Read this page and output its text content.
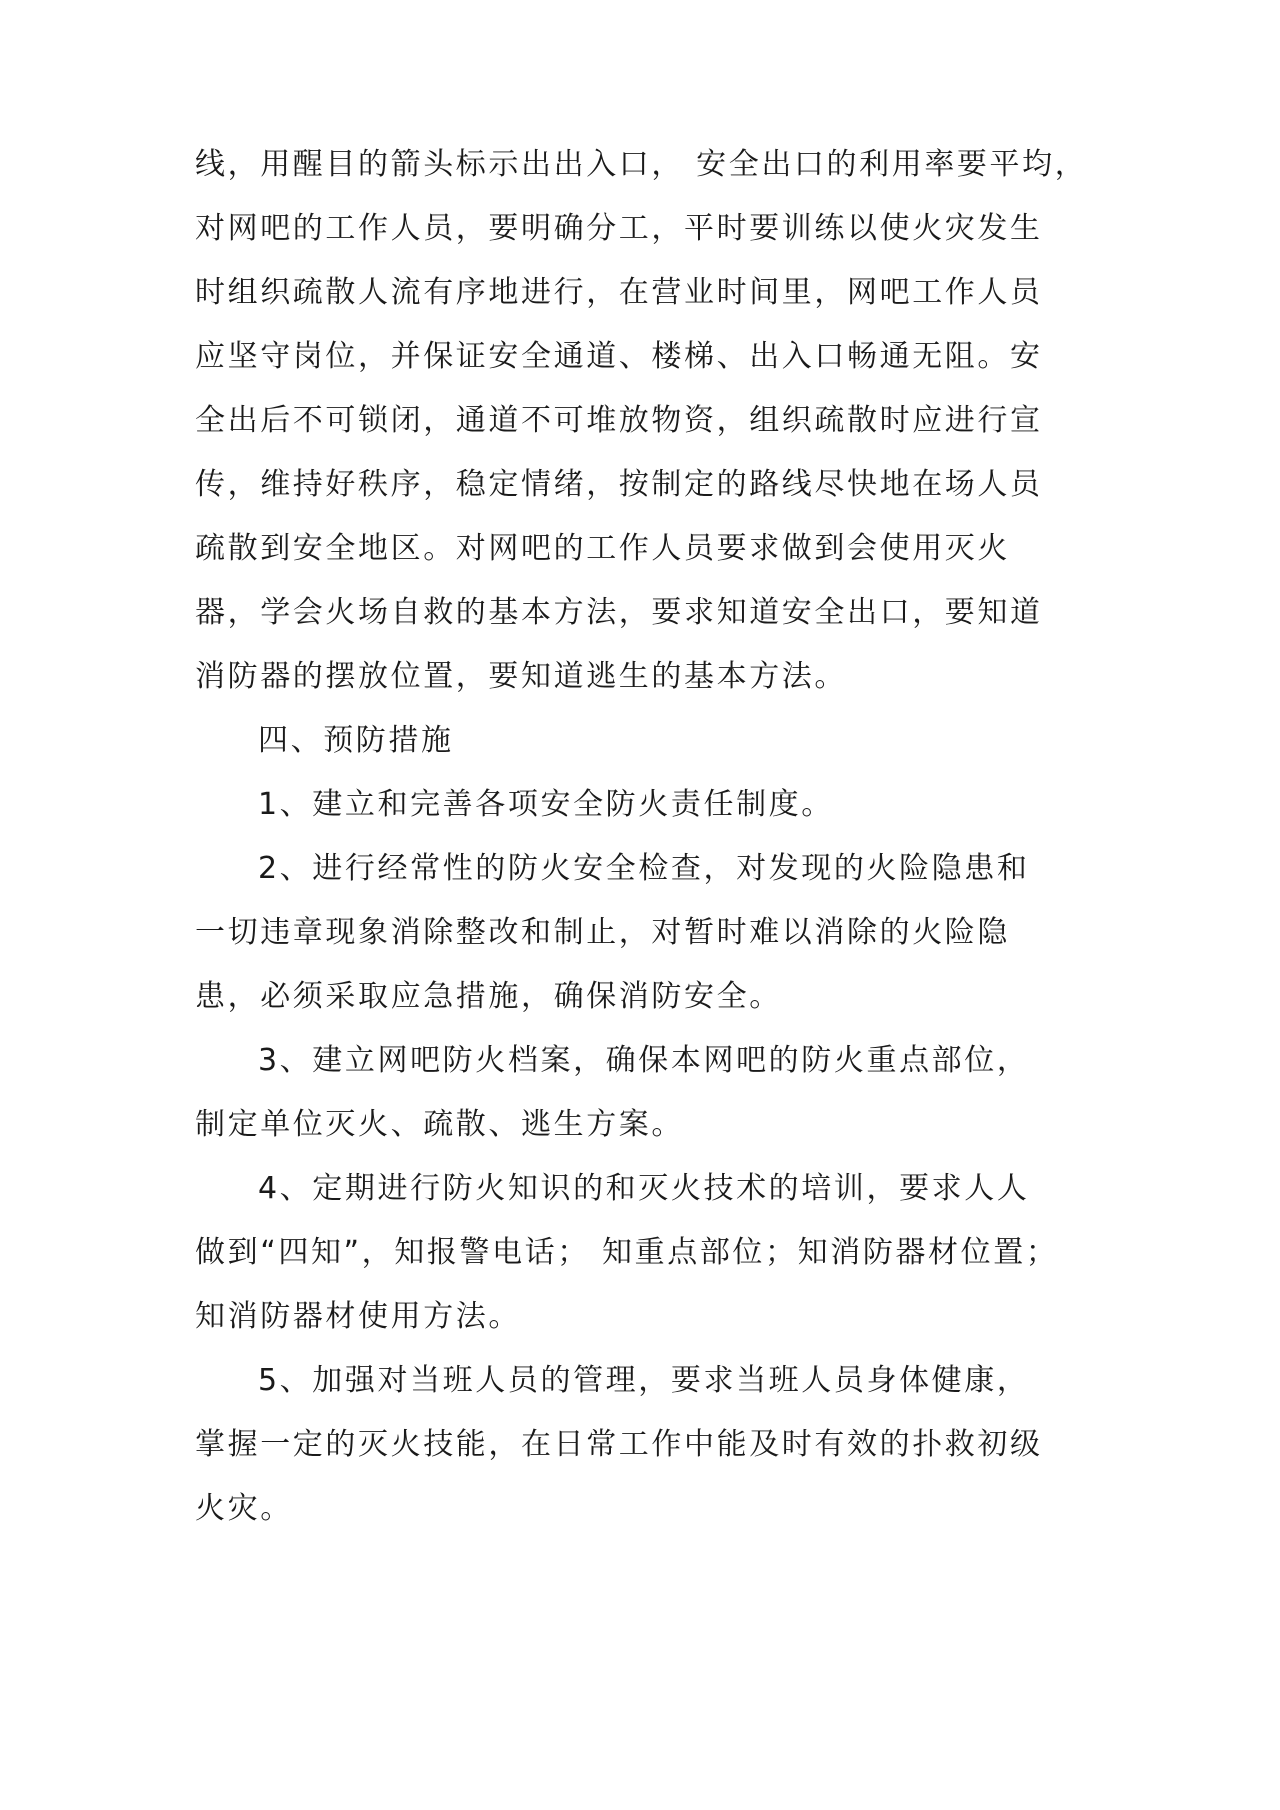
线，用醒目的箭头标示出出入口， 安全出口的利用率要平均，
对网吧的工作人员，要明确分工，平时要训练以使火灾发生
时组织疏散人流有序地进行，在营业时间里，网吧工作人员
应坚守岗位，并保证安全通道、楼梯、出入口畅通无阻。安
全出后不可锁闭，通道不可堆放物资，组织疏散时应进行宣
传，维持好秩序，稳定情绪，按制定的路线尽快地在场人员
疏散到安全地区。对网吧的工作人员要求做到会使用灭火
器，学会火场自救的基本方法，要求知道安全出口，要知道
消防器的摆放位置，要知道逃生的基本方法。
四、预防措施
1、建立和完善各项安全防火责任制度。
2、进行经常性的防火安全检查，对发现的火险隐患和
一切违章现象消除整改和制止，对暂时难以消除的火险隐
患，必须采取应急措施，确保消防安全。
3、建立网吧防火档案，确保本网吧的防火重点部位，
制定单位灭火、疏散、逃生方案。
4、定期进行防火知识的和灭火技术的培训，要求人人
做到“四知”，知报警电话； 知重点部位；知消防器材位置；
知消防器材使用方法。
5、加强对当班人员的管理，要求当班人员身体健康，
掌握一定的灭火技能，在日常工作中能及时有效的扑救初级
火灾。
